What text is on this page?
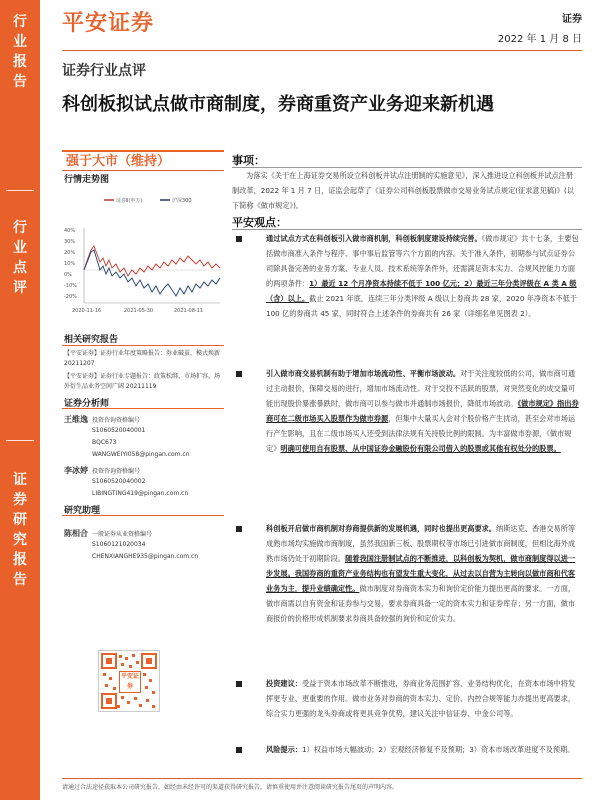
行
业
报
告
行
业
点
评
证
券
研
究
报
告
平安证券	证券
2022 年 1 月 8 日
证券行业点评
科创板拟试点做市商制度，券商重资产业务迎来新机遇
强于大市（维持）
行情走势图
证券Ⅱ(申万)	沪深300
40%
30%
20%
10%
0%
-10%
-20%
2020-11-16	2021-05-30	2021-08-11
相关研究报告
【平安证券】证券行业年度策略报告：券业破茧，模式焕新 20211207
【平安证券】证券行业专题报告：政策松绑、市场扩容，场外衍生品业务空间广阔 20211119
证券分析师
王维逸 投资咨询资格编号
S1060520040001
BQC673
WANGWEIYI058@pingan.com.cn
李冰婷 投资咨询资格编号
S1060520040002
LIBINGTING419@pingan.com.cn
研究助理
陈相合 一般证券从业资格编号
S1060121020034
CHENXIANGHE935@pingan.com.cn
平安证券
事项：

为落实《关于在上海证券交易所设立科创板并试点注册制的实施意见》，深入推进设立科创板并试点注册制改革，2022 年 1 月 7 日，证监会起草了《证券公司科创板股票做市交易业务试点规定(征求意见稿)》(以下简称《做市规定》)。

平安观点：

通过试点方式在科创板引入做市商机制，科创板制度建设持续完善。《做市规定》共十七条，主要包括做市商准入条件与程序、事中事后监管等六个方面的内容。关于准入条件，初期参与试点证券公司除具备完善的业务方案、专业人员、技术系统等条件外，还需满足资本实力、合规风控能力方面的两项条件：1）最近 12 个月净资本持续不低于 100 亿元；2）最近三年分类评级在 A 类 A 级（含）以上。截止 2021 年底，连续三年分类评级 A 级以上券商共 28 家，2020 年净资本不低于 100 亿的券商共 45 家，同时符合上述条件的券商共有 26 家（详细名单见图表 2）。

引入做市商交易机制有助于增加市场流动性、平衡市场波动。对于关注度较低的公司，做市商可通过主动报价，保障交易的进行，增加市场流动性。对于交投不活跃的股票，对突然变化的成交量可能出现股价暴涨暴跌时，做市商可以参与做市并通制市场报价，降低市场波动。《做市规定》指出券商可在二级市场买入股票作为做市券源，但集中大量买入会对个股价格产生扰动，甚至会对市场运行产生影响，且在二级市场买入还受到法律法规有关持股比例的限制。为丰富做市券源，《做市规定》明确可使用自有股票、从中国证券金融股份有限公司借入的股票或其他有权处分的股票。

科创板开启做市商机制对券商提供新的发展机遇，同时也提出更高要求。纳斯达克、香港交易所等成熟市场均实施做市商制度，虽然我国新三板、股票期权等市场已引进做市商制度，但相比海外成熟市场仍处于初期阶段。随着我国注册制试点的不断推进，以科创板为契机，做市商制度得以进一步发展。我国券商的重资产业务结构也有望发生重大变化，从过去以自营为主转向以做市商和代客业务为主，提升业绩确定性。做市制度对券商资本实力和询价定价能力提出更高的要求。一方面，做市商需以自有资金和证券参与交易，要求券商具备一定的资本实力和证券库存；另一方面，做市商报价的价格形成机制要求券商具备较强的询价和定价实力。

投资建议：受益于资本市场改革不断推进，券商业务范围扩容、业务结构优化，在资本市场中将发挥更专业、更重要的作用。做市业务对券商的资本实力、定价、内控合规等能力亦提出更高要求，综合实力更强的龙头券商或将更具竞争优势，建议关注中信证券、中金公司等。

风险提示：1）权益市场大幅波动；2）宏观经济修复不及预期；3）资本市场改革进度不及预期。

请通过合法途径获取本公司研究报告，如经由未经许可的渠道获得研究报告，请慎重使用并注意阅读研究报告尾页的声明内容。
